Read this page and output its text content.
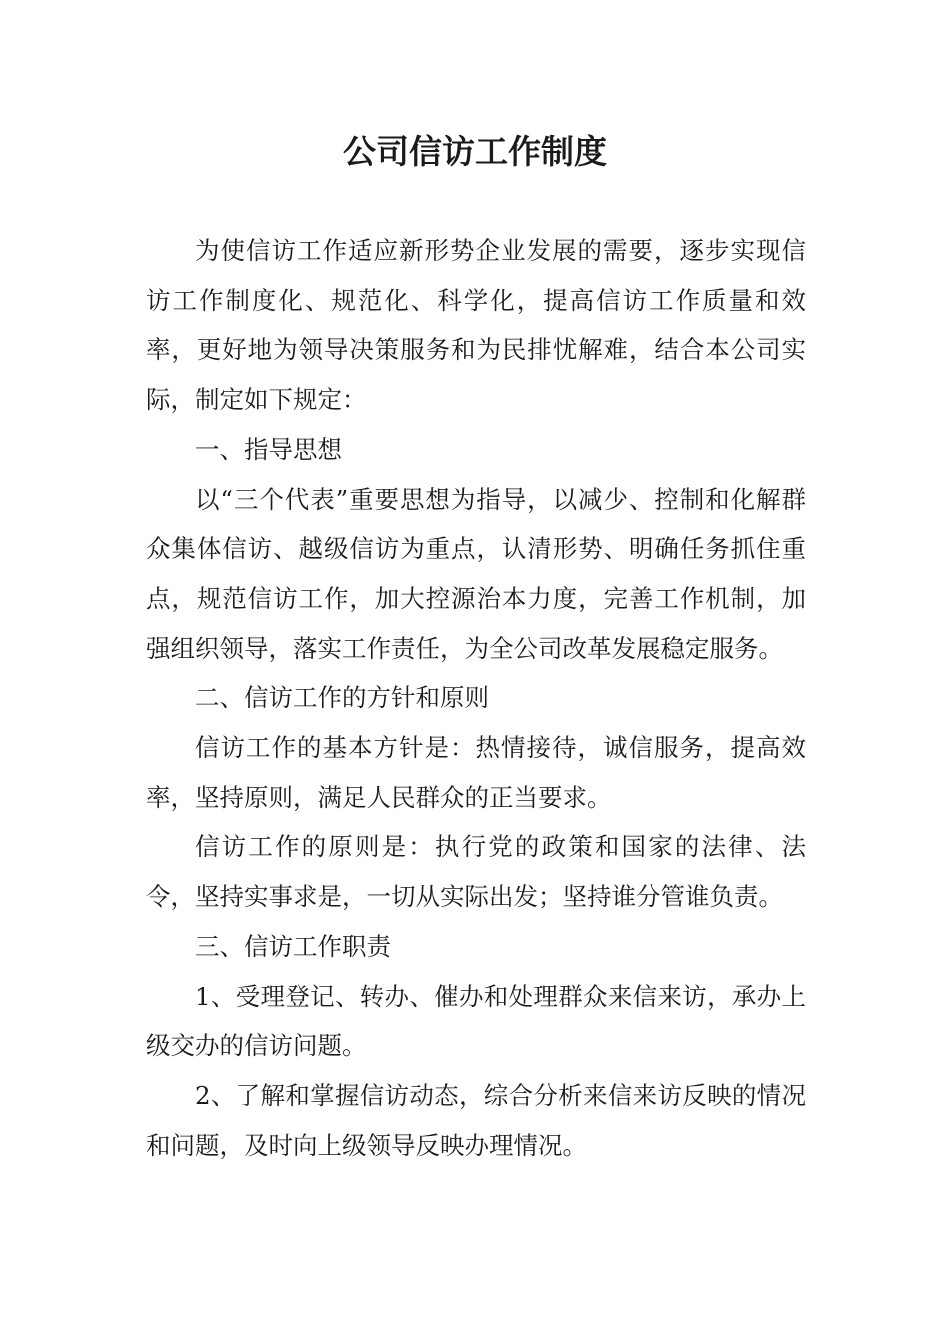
公司信访工作制度

为使信访工作适应新形势企业发展的需要，逐步实现信访工作制度化、规范化、科学化，提高信访工作质量和效率，更好地为领导决策服务和为民排忧解难，结合本公司实际，制定如下规定：

一、指导思想

以“三个代表”重要思想为指导，以减少、控制和化解群众集体信访、越级信访为重点，认清形势、明确任务抓住重点，规范信访工作，加大控源治本力度，完善工作机制，加强组织领导，落实工作责任，为全公司改革发展稳定服务。

二、信访工作的方针和原则

信访工作的基本方针是：热情接待，诚信服务，提高效率，坚持原则，满足人民群众的正当要求。

信访工作的原则是：执行党的政策和国家的法律、法令，坚持实事求是，一切从实际出发；坚持谁分管谁负责。

三、信访工作职责

1、受理登记、转办、催办和处理群众来信来访，承办上级交办的信访问题。

2、了解和掌握信访动态，综合分析来信来访反映的情况和问题，及时向上级领导反映办理情况。
